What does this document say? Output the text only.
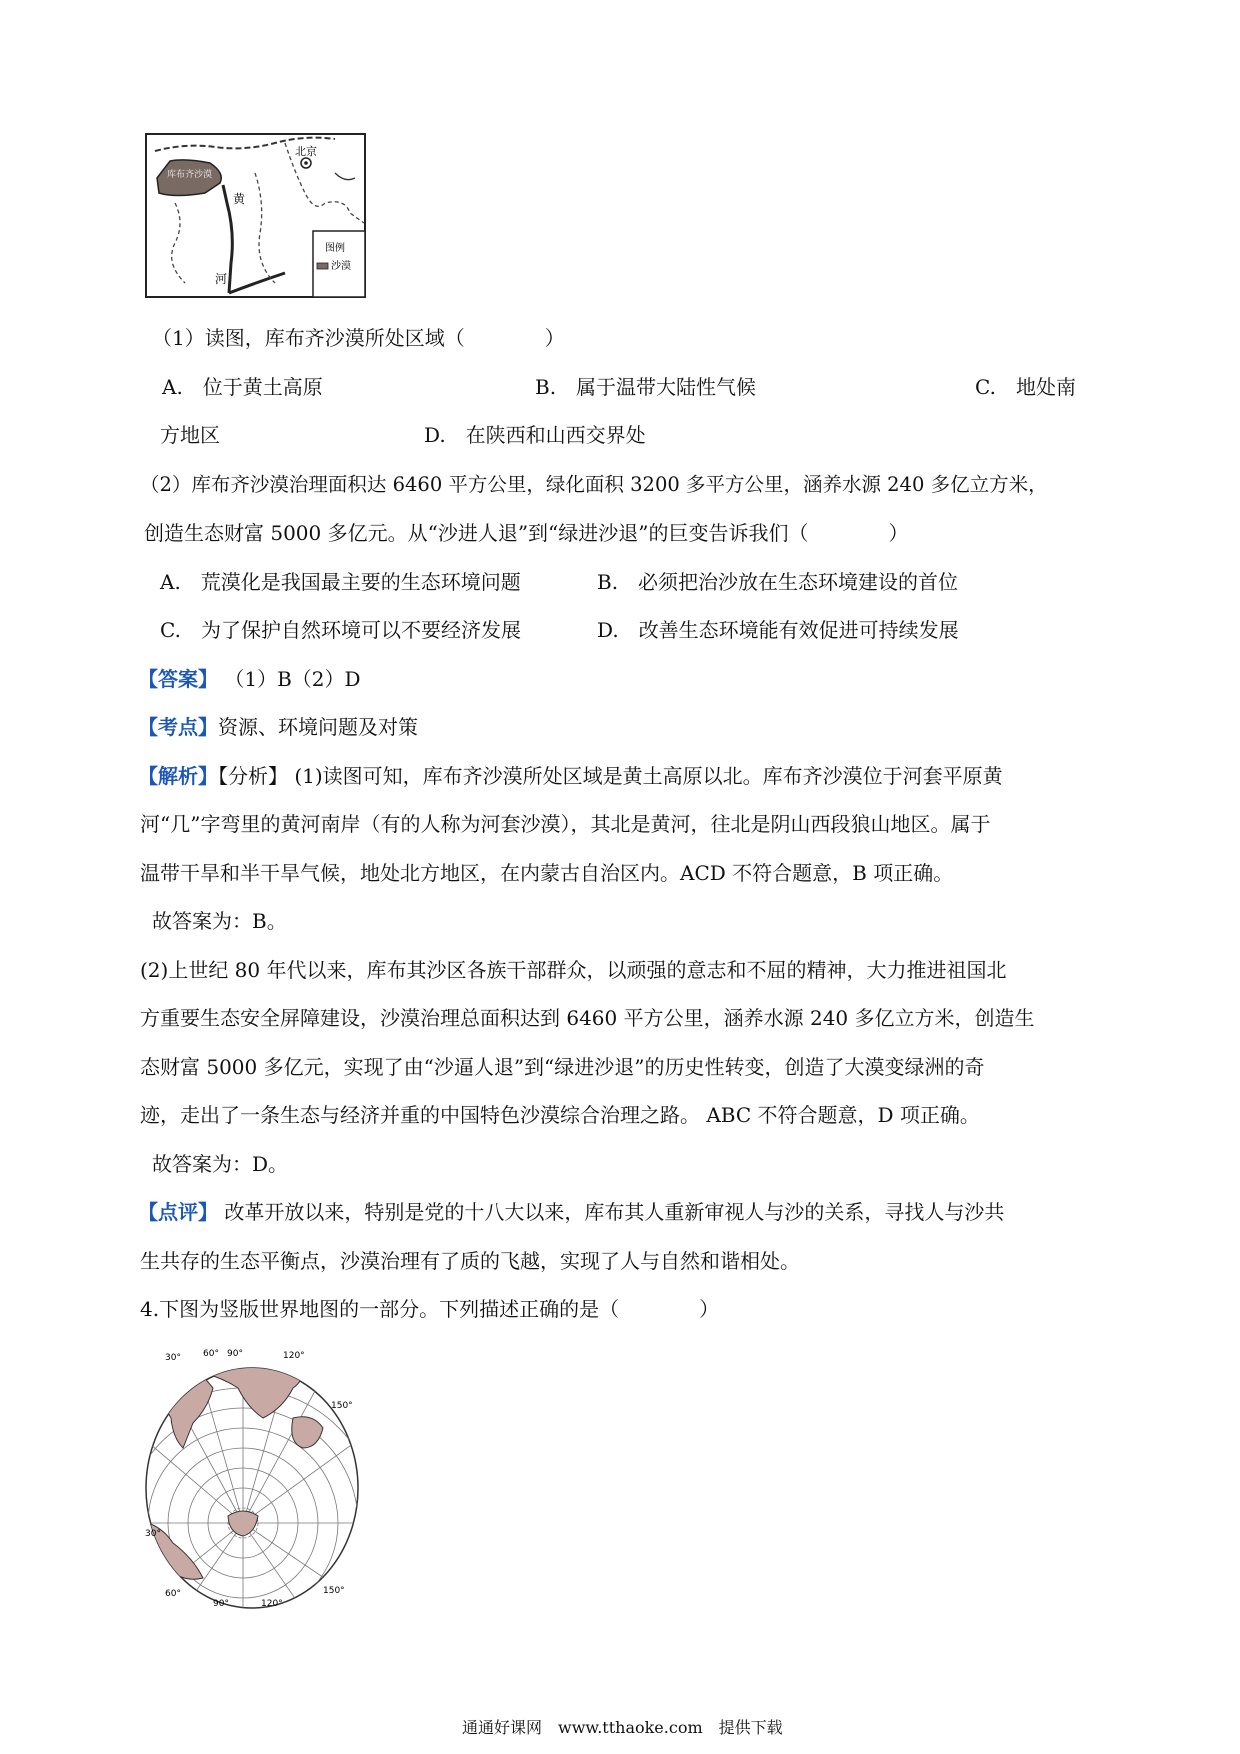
北京
库布齐沙漠
黄
河
图例
沙漠
（1）读图，库布齐沙漠所处区域（　　　　）
A.　位于黄土高原	B.　属于温带大陆性气候	C.　地处南
方地区	D.　在陕西和山西交界处
（2）库布齐沙漠治理面积达 6460 平方公里，绿化面积 3200 多平方公里，涵养水源 240 多亿立方米，
创造生态财富 5000 多亿元。从“沙进人退”到“绿进沙退”的巨变告诉我们（　　　　）
A.　荒漠化是我国最主要的生态环境问题	B.　必须把治沙放在生态环境建设的首位
C.　为了保护自然环境可以不要经济发展	D.　改善生态环境能有效促进可持续发展
【答案】 （1）B（2）D
【考点】资源、环境问题及对策
【解析】【分析】 (1)读图可知，库布齐沙漠所处区域是黄土高原以北。库布齐沙漠位于河套平原黄
河“几”字弯里的黄河南岸（有的人称为河套沙漠），其北是黄河，往北是阴山西段狼山地区。属于
温带干旱和半干旱气候，地处北方地区，在内蒙古自治区内。ACD 不符合题意，B 项正确。
故答案为：B。
(2)上世纪 80 年代以来，库布其沙区各族干部群众，以顽强的意志和不屈的精神，大力推进祖国北
方重要生态安全屏障建设，沙漠治理总面积达到 6460 平方公里，涵养水源 240 多亿立方米，创造生
态财富 5000 多亿元，实现了由“沙逼人退”到“绿进沙退”的历史性转变，创造了大漠变绿洲的奇
迹，走出了一条生态与经济并重的中国特色沙漠综合治理之路。 ABC 不符合题意，D 项正确。
故答案为：D。
【点评】 改革开放以来，特别是党的十八大以来，库布其人重新审视人与沙的关系，寻找人与沙共
生共存的生态平衡点，沙漠治理有了质的飞越，实现了人与自然和谐相处。
4.下图为竖版世界地图的一部分。下列描述正确的是（　　　　）
30° 60° 90°	120°
150°
30°
60°
90°	120°
150°
通通好课网　www.tthaoke.com　提供下载
